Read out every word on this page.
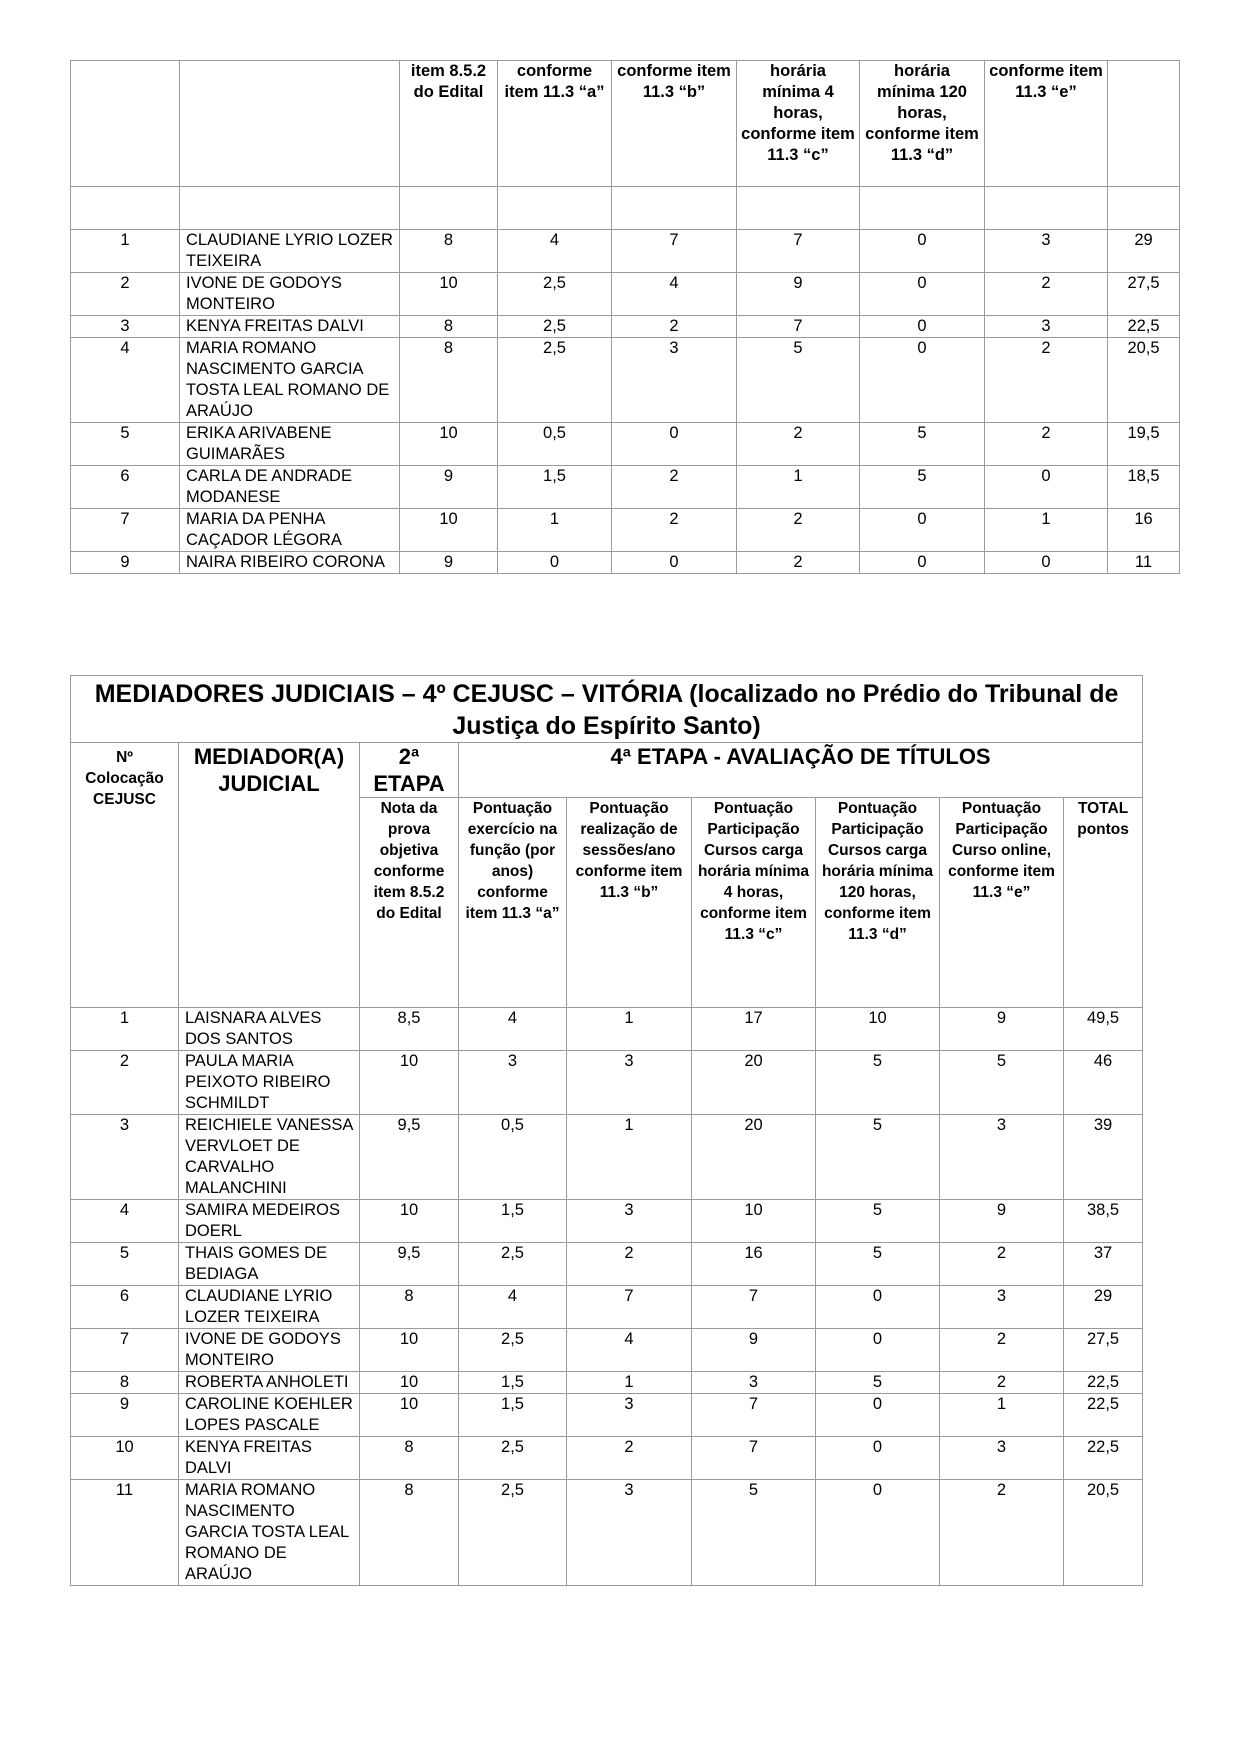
		item 8.5.2 do Edital	conforme item 11.3 “a”	conforme item 11.3 “b”	horária mínima 4 horas, conforme item 11.3 “c”	horária mínima 120 horas, conforme item 11.3 “d”	conforme item 11.3 “e”	

1	CLAUDIANE LYRIO LOZER TEIXEIRA	8	4	7	7	0	3	29
2	IVONE DE GODOYS MONTEIRO	10	2,5	4	9	0	2	27,5
3	KENYA FREITAS DALVI	8	2,5	2	7	0	3	22,5
4	MARIA ROMANO NASCIMENTO GARCIA TOSTA LEAL ROMANO DE ARAÚJO	8	2,5	3	5	0	2	20,5
5	ERIKA ARIVABENE GUIMARÃES	10	0,5	0	2	5	2	19,5
6	CARLA DE ANDRADE MODANESE	9	1,5	2	1	5	0	18,5
7	MARIA DA PENHA CAÇADOR LÉGORA	10	1	2	2	0	1	16
9	NAIRA RIBEIRO CORONA	9	0	0	2	0	0	11
MEDIADORES JUDICIAIS – 4º CEJUSC – VITÓRIA (localizado no Prédio do Tribunal de Justiça do Espírito Santo)								
Nº Colocação CEJUSC	MEDIADOR(A) JUDICIAL	2ª ETAPA	4ª ETAPA - AVALIAÇÃO DE TÍTULOS					
		Nota da prova objetiva conforme item 8.5.2 do Edital	Pontuação exercício na função (por anos) conforme item 11.3 “a”	Pontuação realização de sessões/ano conforme item 11.3 “b”	Pontuação Participação Cursos carga horária mínima 4 horas, conforme item 11.3 “c”	Pontuação Participação Cursos carga horária mínima 120 horas, conforme item 11.3 “d”	Pontuação Participação Curso online, conforme item 11.3 “e”	TOTAL pontos
1	LAISNARA ALVES DOS SANTOS	8,5	4	1	17	10	9	49,5
2	PAULA MARIA PEIXOTO RIBEIRO SCHMILDT	10	3	3	20	5	5	46
3	REICHIELE VANESSA VERVLOET DE CARVALHO MALANCHINI	9,5	0,5	1	20	5	3	39
4	SAMIRA MEDEIROS DOERL	10	1,5	3	10	5	9	38,5
5	THAIS GOMES DE BEDIAGA	9,5	2,5	2	16	5	2	37
6	CLAUDIANE LYRIO LOZER TEIXEIRA	8	4	7	7	0	3	29
7	IVONE DE GODOYS MONTEIRO	10	2,5	4	9	0	2	27,5
8	ROBERTA ANHOLETI	10	1,5	1	3	5	2	22,5
9	CAROLINE KOEHLER LOPES PASCALE	10	1,5	3	7	0	1	22,5
10	KENYA FREITAS DALVI	8	2,5	2	7	0	3	22,5
11	MARIA ROMANO NASCIMENTO GARCIA TOSTA LEAL ROMANO DE ARAÚJO	8	2,5	3	5	0	2	20,5
